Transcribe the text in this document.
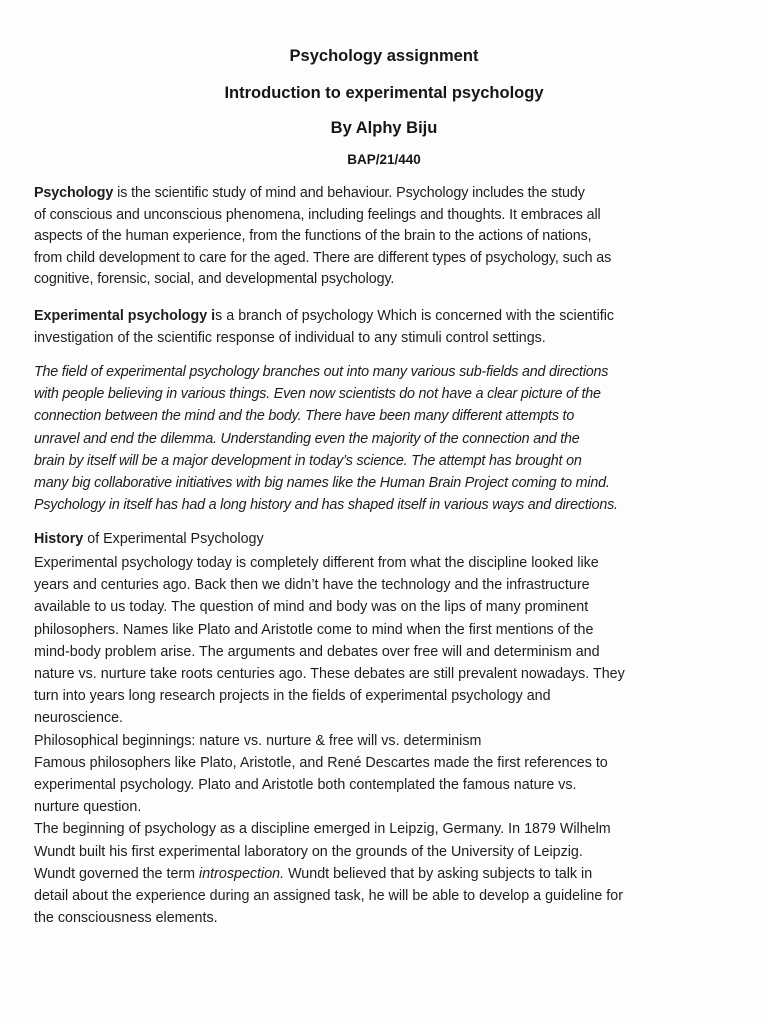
Psychology assignment
Introduction to experimental psychology
By Alphy Biju
BAP/21/440
Psychology is the scientific study of mind and behaviour. Psychology includes the study
of conscious and unconscious phenomena, including feelings and thoughts. It embraces all
aspects of the human experience, from the functions of the brain to the actions of nations,
from child development to care for the aged. There are different types of psychology, such as
cognitive, forensic, social, and developmental psychology.
Experimental psychology is a branch of psychology Which is concerned with the scientific
investigation of the scientific response of individual to any stimuli control settings.
The field of experimental psychology branches out into many various sub-fields and directions
with people believing in various things. Even now scientists do not have a clear picture of the
connection between the mind and the body. There have been many different attempts to
unravel and end the dilemma. Understanding even the majority of the connection and the
brain by itself will be a major development in today’s science. The attempt has brought on
many big collaborative initiatives with big names like the Human Brain Project coming to mind.
Psychology in itself has had a long history and has shaped itself in various ways and directions.
History of Experimental Psychology
Experimental psychology today is completely different from what the discipline looked like
years and centuries ago. Back then we didn’t have the technology and the infrastructure
available to us today. The question of mind and body was on the lips of many prominent
philosophers. Names like Plato and Aristotle come to mind when the first mentions of the
mind-body problem arise. The arguments and debates over free will and determinism and
nature vs. nurture take roots centuries ago. These debates are still prevalent nowadays. They
turn into years long research projects in the fields of experimental psychology and
neuroscience.
Philosophical beginnings: nature vs. nurture & free will vs. determinism
Famous philosophers like Plato, Aristotle, and René Descartes made the first references to
experimental psychology. Plato and Aristotle both contemplated the famous nature vs.
nurture question.
The beginning of psychology as a discipline emerged in Leipzig, Germany. In 1879 Wilhelm
Wundt built his first experimental laboratory on the grounds of the University of Leipzig.
Wundt governed the term introspection. Wundt believed that by asking subjects to talk in
detail about the experience during an assigned task, he will be able to develop a guideline for
the consciousness elements.
